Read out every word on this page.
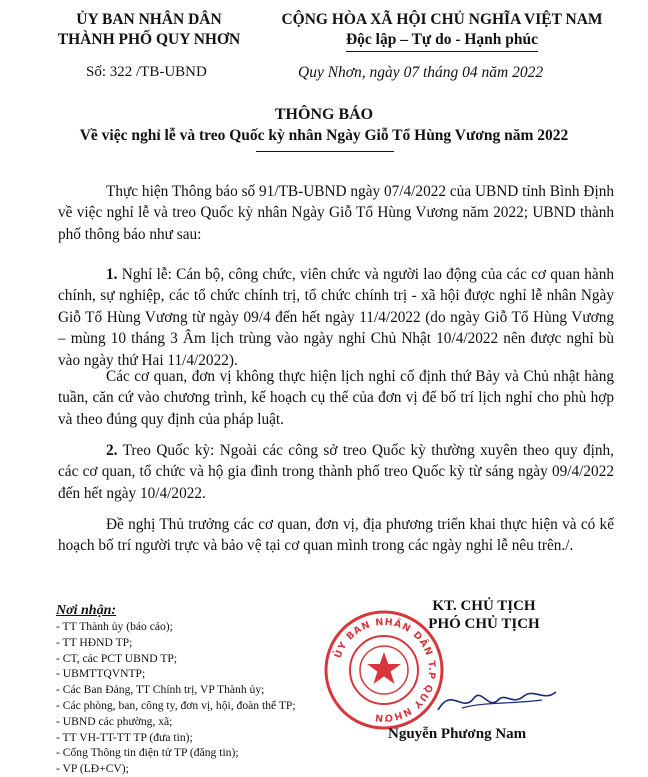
ỦY BAN NHÂN DÂN
THÀNH PHỐ QUY NHƠN
CỘNG HÒA XÃ HỘI CHỦ NGHĨA VIỆT NAM
Độc lập – Tự do - Hạnh phúc
Số: 322 /TB-UBND	Quy Nhơn, ngày 07 tháng 04 năm 2022
THÔNG BÁO
Về việc nghỉ lễ và treo Quốc kỳ nhân Ngày Giỗ Tổ Hùng Vương năm 2022

Thực hiện Thông báo số 91/TB-UBND ngày 07/4/2022 của UBND tỉnh Bình Định về việc nghỉ lễ và treo Quốc kỳ nhân Ngày Giỗ Tổ Hùng Vương năm 2022; UBND thành phố thông báo như sau:

1. Nghỉ lễ: Cán bộ, công chức, viên chức và người lao động của các cơ quan hành chính, sự nghiệp, các tổ chức chính trị, tổ chức chính trị - xã hội được nghỉ lễ nhân Ngày Giỗ Tổ Hùng Vương từ ngày 09/4 đến hết ngày 11/4/2022 (do ngày Giỗ Tổ Hùng Vương – mùng 10 tháng 3 Âm lịch trùng vào ngày nghỉ Chủ Nhật 10/4/2022 nên được nghỉ bù vào ngày thứ Hai 11/4/2022).

Các cơ quan, đơn vị không thực hiện lịch nghỉ cố định thứ Bảy và Chủ nhật hàng tuần, căn cứ vào chương trình, kế hoạch cụ thể của đơn vị để bố trí lịch nghỉ cho phù hợp và theo đúng quy định của pháp luật.

2. Treo Quốc kỳ: Ngoài các công sở treo Quốc kỳ thường xuyên theo quy định, các cơ quan, tổ chức và hộ gia đình trong thành phố treo Quốc kỳ từ sáng ngày 09/4/2022 đến hết ngày 10/4/2022.

Đề nghị Thủ trưởng các cơ quan, đơn vị, địa phương triển khai thực hiện và có kế hoạch bố trí người trực và bảo vệ tại cơ quan mình trong các ngày nghỉ lễ nêu trên./.

Nơi nhận:
- TT Thành ủy (báo cáo);
- TT HĐND TP;
- CT, các PCT UBND TP;
- UBMTTQVNTP;
- Các Ban Đảng, TT Chính trị, VP Thành ủy;
- Các phòng, ban, công ty, đơn vị, hội, đoàn thể TP;
- UBND các phường, xã;
- TT VH-TT-TT TP (đưa tin);
- Cổng Thông tin điện tử TP (đăng tin);
- VP (LĐ+CV);
KT. CHỦ TỊCH
PHÓ CHỦ TỊCH
ỦY BAN NHÂN DÂN T.P QUY NHƠN
Nguyễn Phương Nam
